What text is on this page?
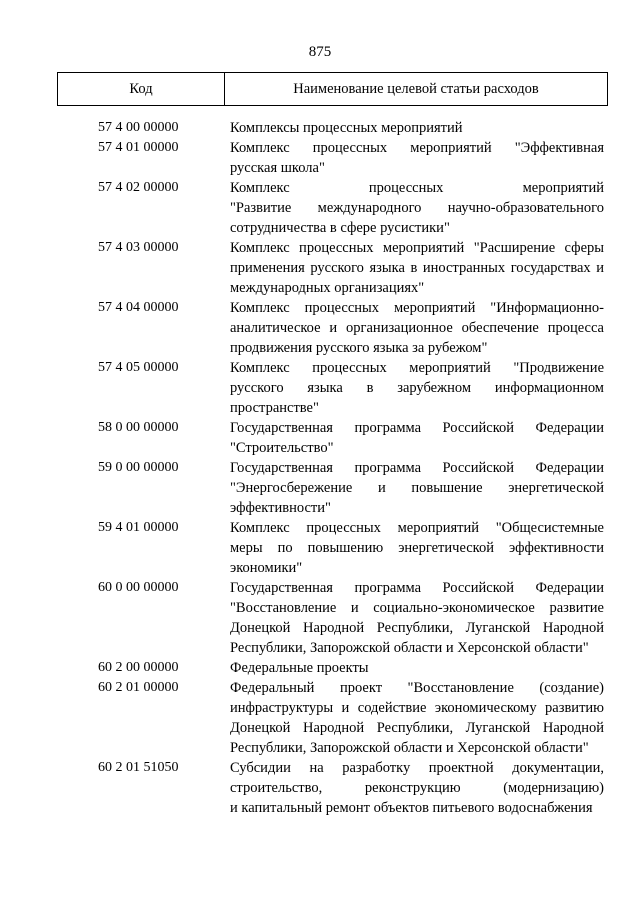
875
Код	Наименование целевой статьи расходов
57 4 00 00000	Комплексы процессных мероприятий
57 4 01 00000	Комплекс процессных мероприятий "Эффективная
русская школа"
57 4 02 00000	Комплекс процессных мероприятий
"Развитие международного научно-образовательного
сотрудничества в сфере русистики"
57 4 03 00000	Комплекс процессных мероприятий "Расширение сферы
применения русского языка в иностранных государствах и
международных организациях"
57 4 04 00000	Комплекс процессных мероприятий "Информационно-
аналитическое и организационное обеспечение процесса
продвижения русского языка за рубежом"
57 4 05 00000	Комплекс процессных мероприятий "Продвижение
русского языка в зарубежном информационном
пространстве"
58 0 00 00000	Государственная программа Российской Федерации
"Строительство"
59 0 00 00000	Государственная программа Российской Федерации
"Энергосбережение и повышение энергетической
эффективности"
59 4 01 00000	Комплекс процессных мероприятий "Общесистемные
меры по повышению энергетической эффективности
экономики"
60 0 00 00000	Государственная программа Российской Федерации
"Восстановление и социально-экономическое развитие
Донецкой Народной Республики, Луганской Народной
Республики, Запорожской области и Херсонской области"
60 2 00 00000	Федеральные проекты
60 2 01 00000	Федеральный проект "Восстановление (создание)
инфраструктуры и содействие экономическому развитию
Донецкой Народной Республики, Луганской Народной
Республики, Запорожской области и Херсонской области"
60 2 01 51050	Субсидии на разработку проектной документации,
строительство, реконструкцию (модернизацию)
и капитальный ремонт объектов питьевого водоснабжения
